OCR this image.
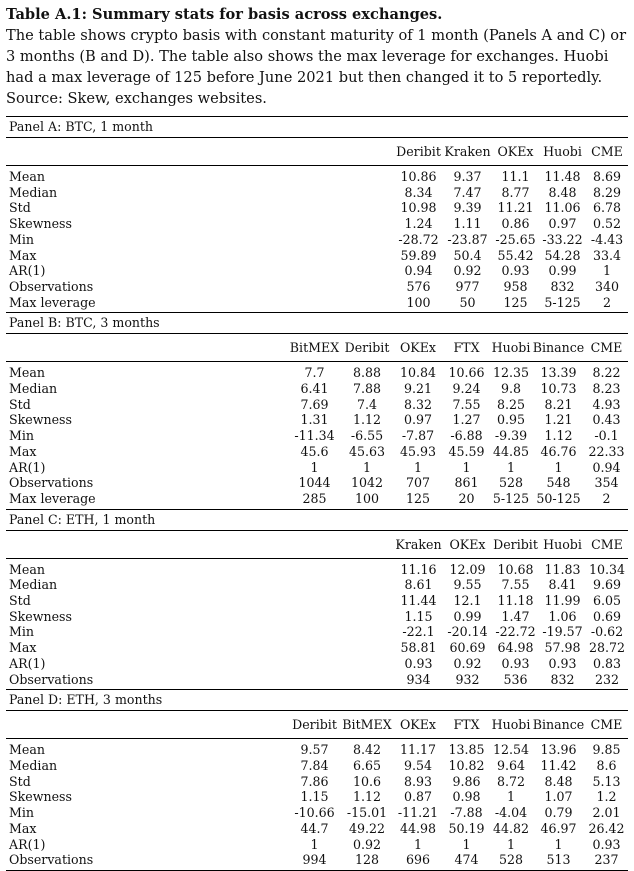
Table A.1: Summary stats for basis across exchanges.
The table shows crypto basis with constant maturity of 1 month (Panels A and C) or 3 months (B and D). The table also shows the max leverage for exchanges. Huobi had a max leverage of 125 before June 2021 but then changed it to 5 reportedly. Source: Skew, exchanges websites.

Panel A: BTC, 1 month
	Deribit	Kraken	OKEx	Huobi	CME
Mean	10.86	9.37	11.1	11.48	8.69
Median	8.34	7.47	8.77	8.48	8.29
Std	10.98	9.39	11.21	11.06	6.78
Skewness	1.24	1.11	0.86	0.97	0.52
Min	-28.72	-23.87	-25.65	-33.22	-4.43
Max	59.89	50.4	55.42	54.28	33.4
AR(1)	0.94	0.92	0.93	0.99	1
Observations	576	977	958	832	340
Max leverage	100	50	125	5-125	2
Panel B: BTC, 3 months
	BitMEX	Deribit	OKEx	FTX	Huobi	Binance	CME
Mean	7.7	8.88	10.84	10.66	12.35	13.39	8.22
Median	6.41	7.88	9.21	9.24	9.8	10.73	8.23
Std	7.69	7.4	8.32	7.55	8.25	8.21	4.93
Skewness	1.31	1.12	0.97	1.27	0.95	1.21	0.43
Min	-11.34	-6.55	-7.87	-6.88	-9.39	1.12	-0.1
Max	45.6	45.63	45.93	45.59	44.85	46.76	22.33
AR(1)	1	1	1	1	1	1	0.94
Observations	1044	1042	707	861	528	548	354
Max leverage	285	100	125	20	5-125	50-125	2
Panel C: ETH, 1 month
	Kraken	OKEx	Deribit	Huobi	CME
Mean	11.16	12.09	10.68	11.83	10.34
Median	8.61	9.55	7.55	8.41	9.69
Std	11.44	12.1	11.18	11.99	6.05
Skewness	1.15	0.99	1.47	1.06	0.69
Min	-22.1	-20.14	-22.72	-19.57	-0.62
Max	58.81	60.69	64.98	57.98	28.72
AR(1)	0.93	0.92	0.93	0.93	0.83
Observations	934	932	536	832	232
Panel D: ETH, 3 months
	Deribit	BitMEX	OKEx	FTX	Huobi	Binance	CME
Mean	9.57	8.42	11.17	13.85	12.54	13.96	9.85
Median	7.84	6.65	9.54	10.82	9.64	11.42	8.6
Std	7.86	10.6	8.93	9.86	8.72	8.48	5.13
Skewness	1.15	1.12	0.87	0.98	1	1.07	1.2
Min	-10.66	-15.01	-11.21	-7.88	-4.04	0.79	2.01
Max	44.7	49.22	44.98	50.19	44.82	46.97	26.42
AR(1)	1	0.92	1	1	1	1	0.93
Observations	994	128	696	474	528	513	237
